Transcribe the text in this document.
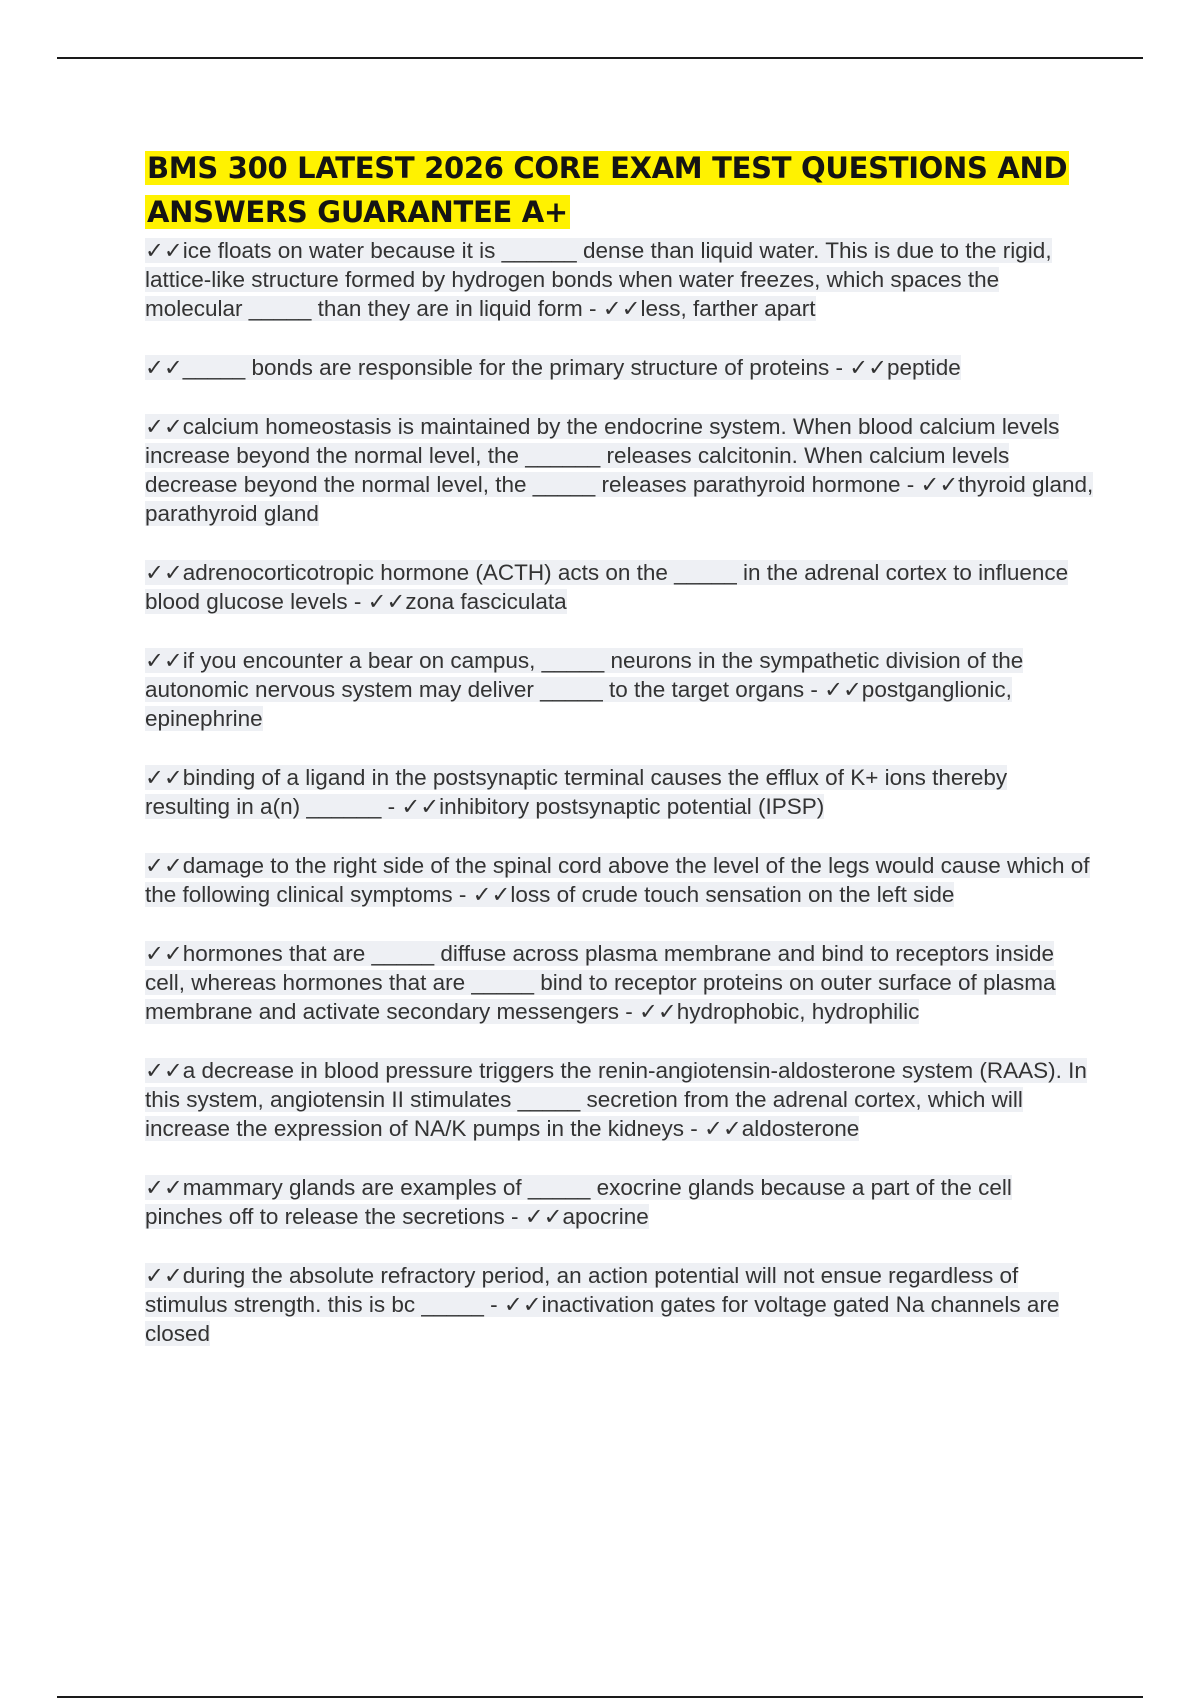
BMS 300 LATEST 2026 CORE EXAM TEST QUESTIONS AND ANSWERS GUARANTEE A+
✓✓ice floats on water because it is ______ dense than liquid water. This is due to the rigid, lattice-like structure formed by hydrogen bonds when water freezes, which spaces the molecular _____ than they are in liquid form - ✓✓less, farther apart
✓✓_____ bonds are responsible for the primary structure of proteins - ✓✓peptide
✓✓calcium homeostasis is maintained by the endocrine system. When blood calcium levels increase beyond the normal level, the ______ releases calcitonin. When calcium levels decrease beyond the normal level, the _____ releases parathyroid hormone - ✓✓thyroid gland, parathyroid gland
✓✓adrenocorticotropic hormone (ACTH) acts on the _____ in the adrenal cortex to influence blood glucose levels - ✓✓zona fasciculata
✓✓if you encounter a bear on campus, _____ neurons in the sympathetic division of the autonomic nervous system may deliver _____ to the target organs - ✓✓postganglionic, epinephrine
✓✓binding of a ligand in the postsynaptic terminal causes the efflux of K+ ions thereby resulting in a(n) ______ - ✓✓inhibitory postsynaptic potential (IPSP)
✓✓damage to the right side of the spinal cord above the level of the legs would cause which of the following clinical symptoms - ✓✓loss of crude touch sensation on the left side
✓✓hormones that are _____ diffuse across plasma membrane and bind to receptors inside cell, whereas hormones that are _____ bind to receptor proteins on outer surface of plasma membrane and activate secondary messengers - ✓✓hydrophobic, hydrophilic
✓✓a decrease in blood pressure triggers the renin-angiotensin-aldosterone system (RAAS). In this system, angiotensin II stimulates _____ secretion from the adrenal cortex, which will increase the expression of NA/K pumps in the kidneys - ✓✓aldosterone
✓✓mammary glands are examples of _____ exocrine glands because a part of the cell pinches off to release the secretions - ✓✓apocrine
✓✓during the absolute refractory period, an action potential will not ensue regardless of stimulus strength. this is bc _____ - ✓✓inactivation gates for voltage gated Na channels are closed
